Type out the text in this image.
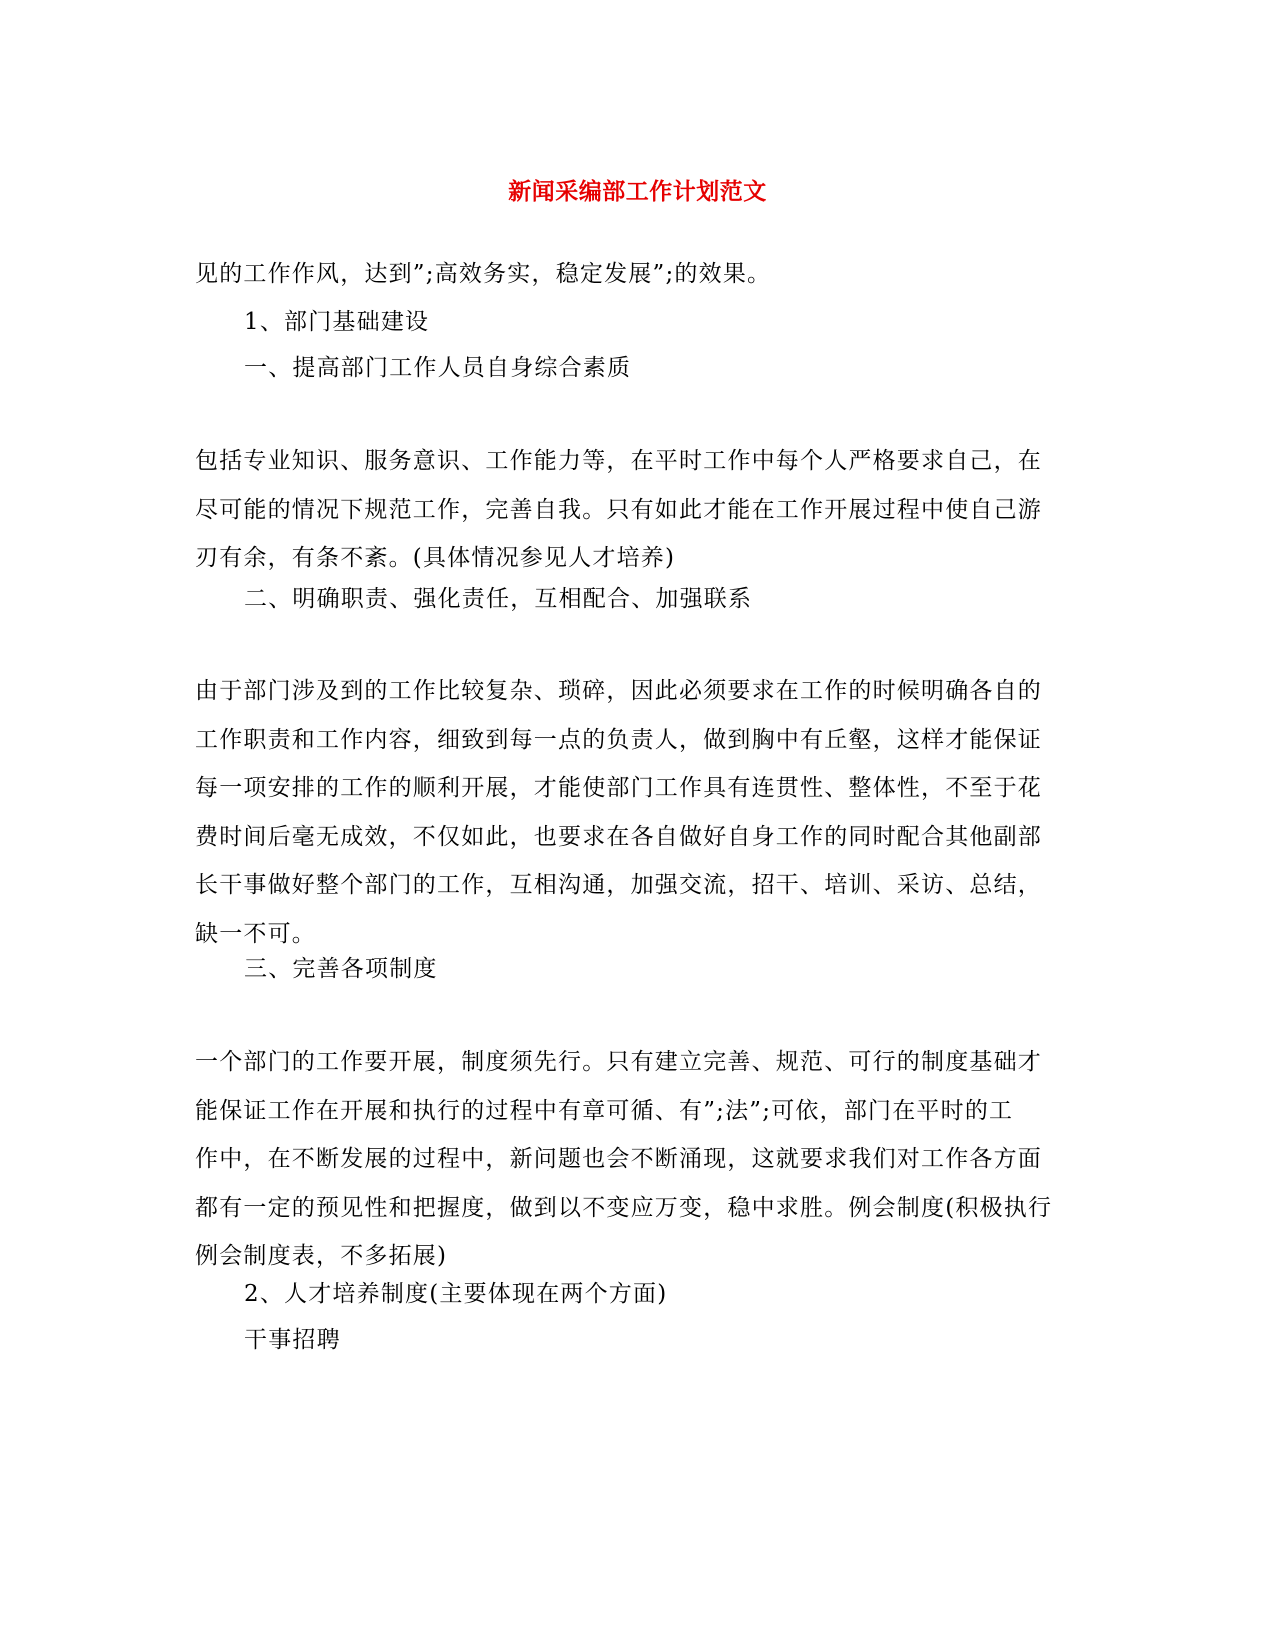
新闻采编部工作计划范文
见的工作作风，达到”;高效务实，稳定发展”;的效果。
1、部门基础建设
一、提高部门工作人员自身综合素质
包括专业知识、服务意识、工作能力等，在平时工作中每个人严格要求自己，在
尽可能的情况下规范工作，完善自我。只有如此才能在工作开展过程中使自己游
刃有余，有条不紊。(具体情况参见人才培养)
二、明确职责、强化责任，互相配合、加强联系
由于部门涉及到的工作比较复杂、琐碎，因此必须要求在工作的时候明确各自的
工作职责和工作内容，细致到每一点的负责人，做到胸中有丘壑，这样才能保证
每一项安排的工作的顺利开展，才能使部门工作具有连贯性、整体性，不至于花
费时间后毫无成效，不仅如此，也要求在各自做好自身工作的同时配合其他副部
长干事做好整个部门的工作，互相沟通，加强交流，招干、培训、采访、总结，
缺一不可。
三、完善各项制度
一个部门的工作要开展，制度须先行。只有建立完善、规范、可行的制度基础才
能保证工作在开展和执行的过程中有章可循、有”;法”;可依，部门在平时的工
作中，在不断发展的过程中，新问题也会不断涌现，这就要求我们对工作各方面
都有一定的预见性和把握度，做到以不变应万变，稳中求胜。例会制度(积极执行
例会制度表，不多拓展)
2、人才培养制度(主要体现在两个方面)
干事招聘
